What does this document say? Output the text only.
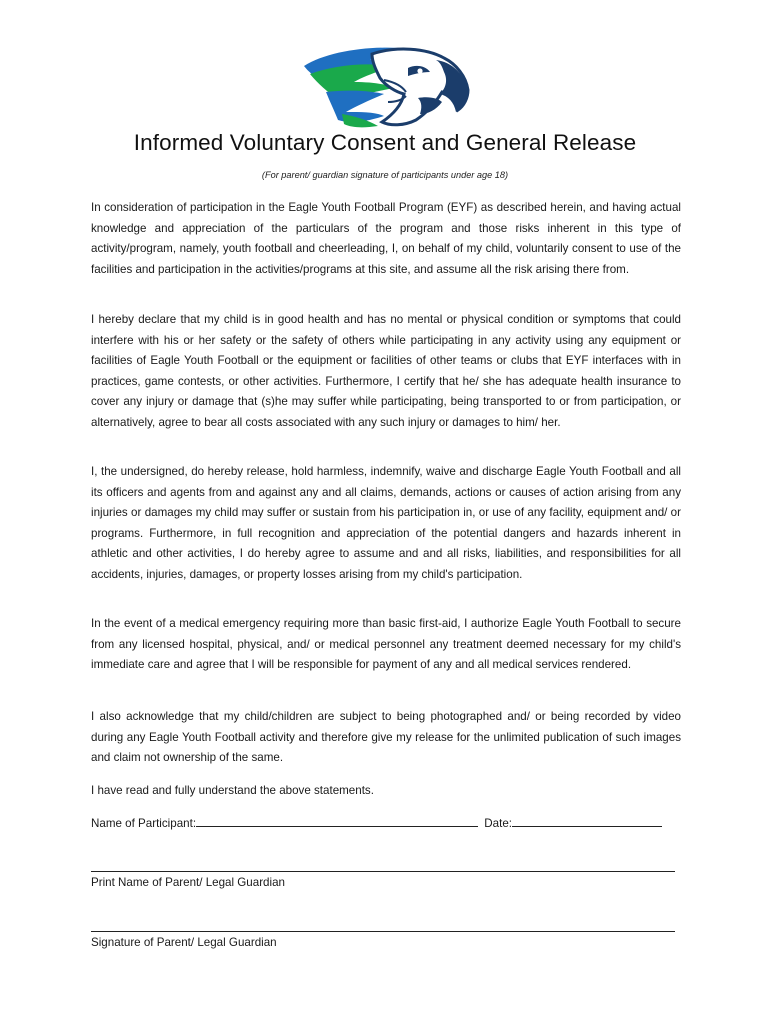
Informed Voluntary Consent and General Release
(For parent/ guardian signature of participants under age 18)

In consideration of participation in the Eagle Youth Football Program (EYF) as described herein, and having actual knowledge and appreciation of the particulars of the program and those risks inherent in this type of activity/program, namely, youth football and cheerleading, I, on behalf of my child, voluntarily consent to use of the facilities and participation in the activities/programs at this site, and assume all the risk arising there from.

I hereby declare that my child is in good health and has no mental or physical condition or symptoms that could interfere with his or her safety or the safety of others while participating in any activity using any equipment or facilities of Eagle Youth Football or the equipment or facilities of other teams or clubs that EYF interfaces with in practices, game contests, or other activities. Furthermore, I certify that he/ she has adequate health insurance to cover any injury or damage that (s)he may suffer while participating, being transported to or from participation, or alternatively, agree to bear all costs associated with any such injury or damages to him/ her.

I, the undersigned, do hereby release, hold harmless, indemnify, waive and discharge Eagle Youth Football and all its officers and agents from and against any and all claims, demands, actions or causes of action arising from any injuries or damages my child may suffer or sustain from his participation in, or use of any facility, equipment and/ or programs. Furthermore, in full recognition and appreciation of the potential dangers and hazards inherent in athletic and other activities, I do hereby agree to assume and and all risks, liabilities, and responsibilities for all accidents, injuries, damages, or property losses arising from my child's participation.

In the event of a medical emergency requiring more than basic first-aid, I authorize Eagle Youth Football to secure from any licensed hospital, physical, and/ or medical personnel any treatment deemed necessary for my child's immediate care and agree that I will be responsible for payment of any and all medical services rendered.

I also acknowledge that my child/children are subject to being photographed and/ or being recorded by video during any Eagle Youth Football activity and therefore give my release for the unlimited publication of such images and claim not ownership of the same.

I have read and fully understand the above statements.

Name of Participant:	Date:
Print Name of Parent/ Legal Guardian
Signature of Parent/ Legal Guardian
